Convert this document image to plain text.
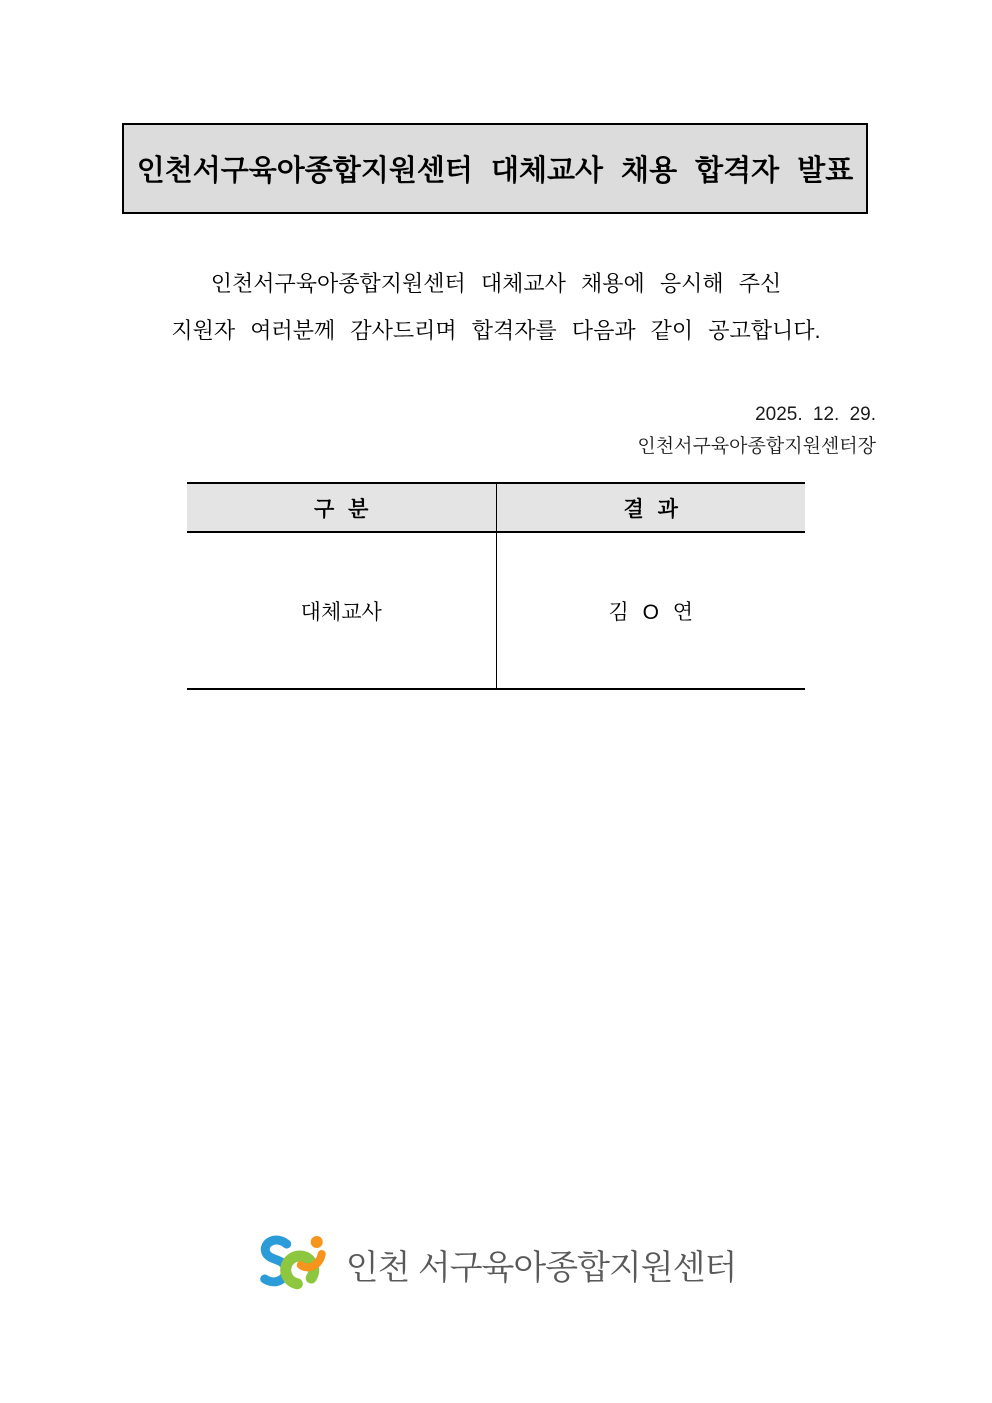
인천서구육아종합지원센터 대체교사 채용 합격자 발표
인천서구육아종합지원센터 대체교사 채용에 응시해 주신
지원자 여러분께 감사드리며 합격자를 다음과 같이 공고합니다.
2025. 12. 29.
인천서구육아종합지원센터장
구 분	결 과
대체교사	김 O 연
인천 서구육아종합지원센터
